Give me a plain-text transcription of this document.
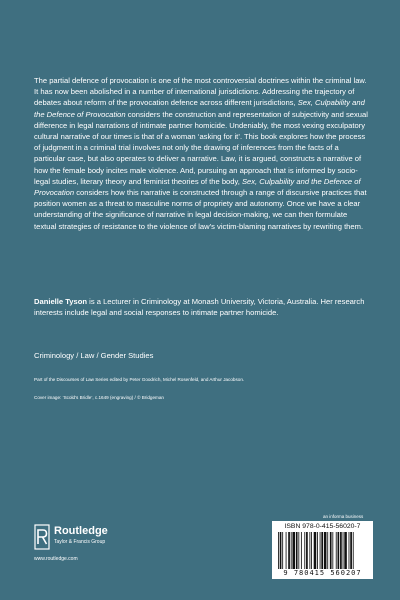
The partial defence of provocation is one of the most controversial doctrines within the criminal law. It has now been abolished in a number of international jurisdictions. Addressing the trajectory of debates about reform of the provocation defence across different jurisdictions, Sex, Culpability and the Defence of Provocation considers the construction and representation of subjectivity and sexual difference in legal narrations of intimate partner homicide. Undeniably, the most vexing exculpatory cultural narrative of our times is that of a woman ‘asking for it’. This book explores how the process of judgment in a criminal trial involves not only the drawing of inferences from the facts of a particular case, but also operates to deliver a narrative. Law, it is argued, constructs a narrative of how the female body incites male violence. And, pursuing an approach that is informed by socio-legal studies, literary theory and feminist theories of the body, Sex, Culpability and the Defence of Provocation considers how this narrative is constructed through a range of discursive practices that position women as a threat to masculine norms of propriety and autonomy. Once we have a clear understanding of the significance of narrative in legal decision-making, we can then formulate textual strategies of resistance to the violence of law’s victim-blaming narratives by rewriting them.

Danielle Tyson is a Lecturer in Criminology at Monash University, Victoria, Australia. Her research interests include legal and social responses to intimate partner homicide.

Criminology / Law / Gender Studies

Part of the Discourses of Law Series edited by Peter Goodrich, Michel Rosenfeld, and Arthur Jacobson.

Cover image: ‘Scold’s Bridle’, c.1649 (engraving) / © Bridgeman

Routledge

Taylor & Francis Group

www.routledge.com

an informa business

ISBN 978-0-415-56020-7

9 780415 560207
